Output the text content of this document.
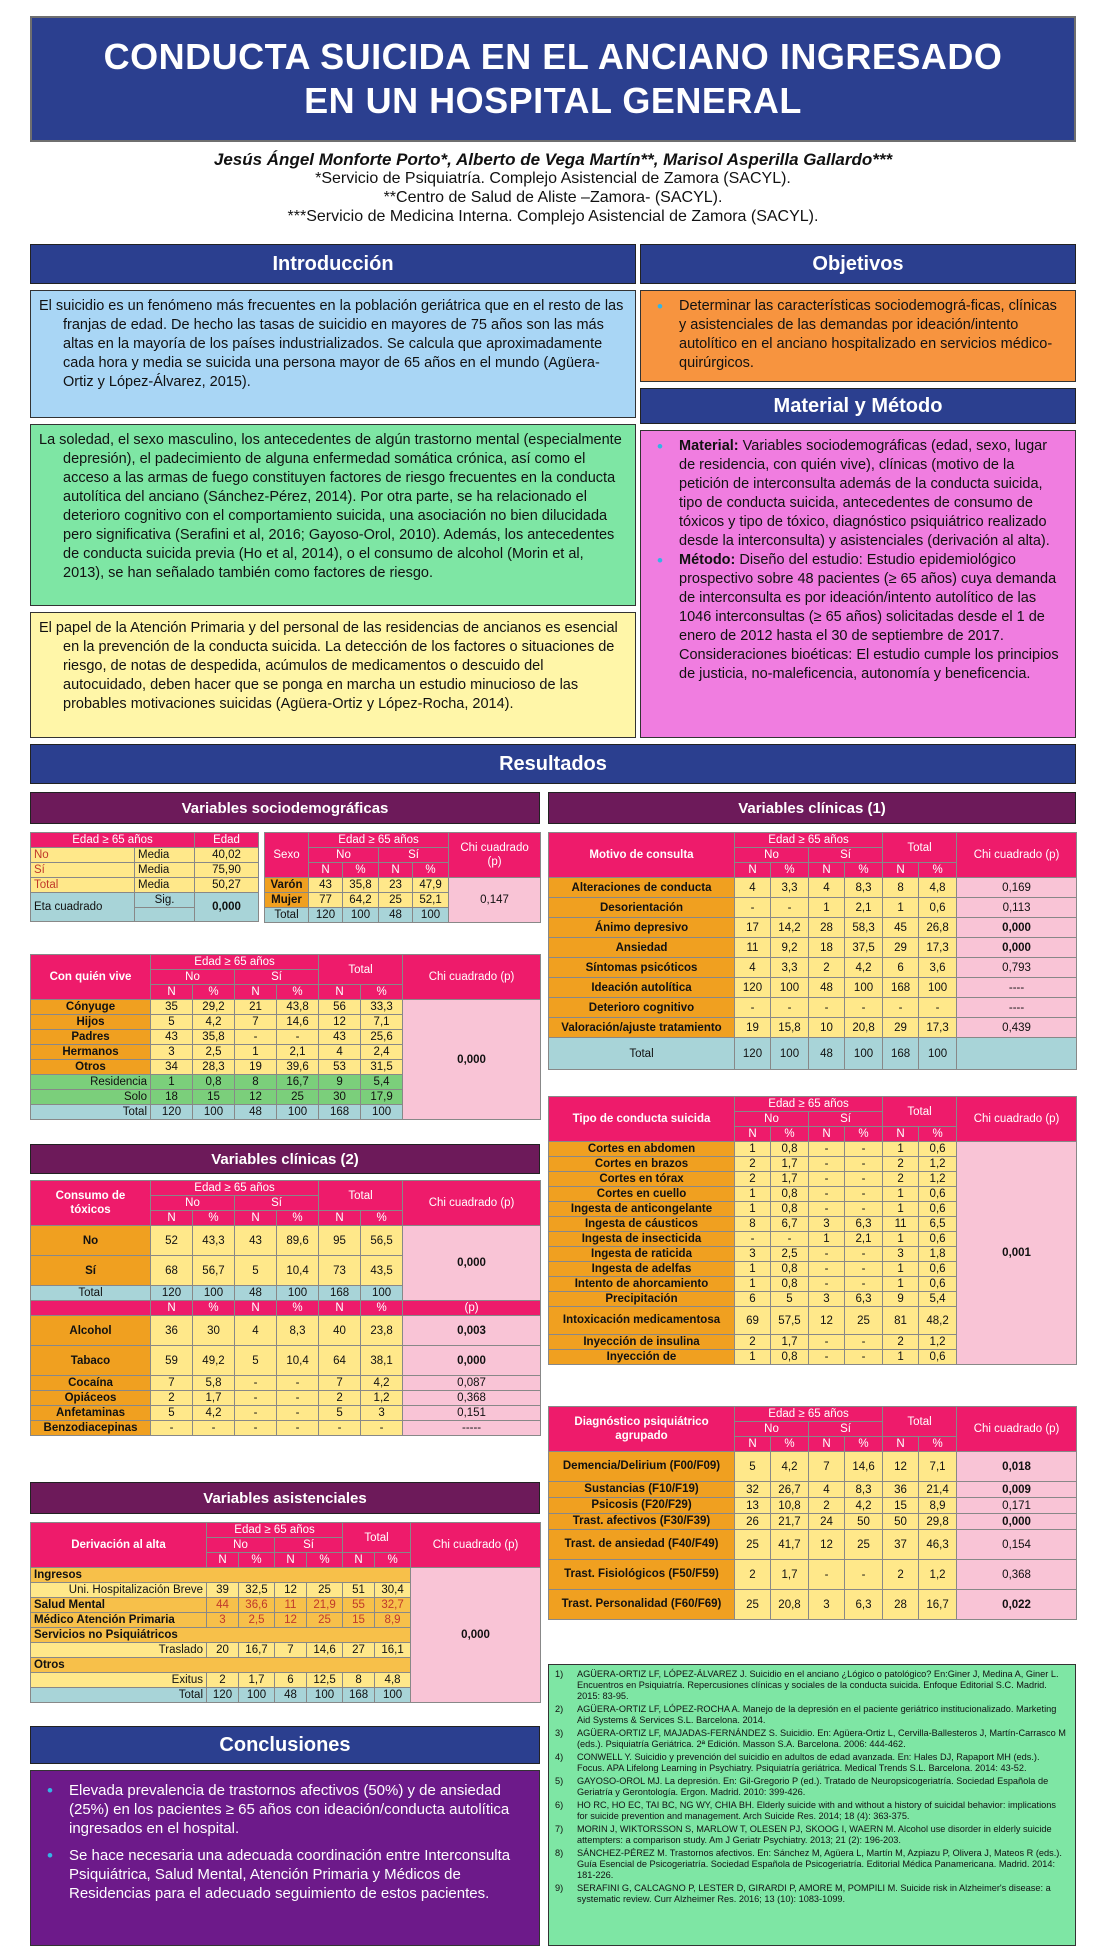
CONDUCTA SUICIDA EN EL ANCIANO INGRESADO
EN UN HOSPITAL GENERAL
Jesús Ángel Monforte Porto*, Alberto de Vega Martín**, Marisol Asperilla Gallardo***
*Servicio de Psiquiatría. Complejo Asistencial de Zamora (SACYL).
**Centro de Salud de Aliste –Zamora- (SACYL).
***Servicio de Medicina Interna. Complejo Asistencial de Zamora (SACYL).
Introducción

El suicidio es un fenómeno más frecuentes en la población geriátrica que en el resto de las franjas de edad. De hecho las tasas de suicidio en mayores de 75 años son las más altas en la mayoría de los países industrializados. Se calcula que aproximadamente cada hora y media se suicida una persona mayor de 65 años en el mundo (Agüera-Ortiz y López-Álvarez, 2015).

La soledad, el sexo masculino, los antecedentes de algún trastorno mental (especialmente depresión), el padecimiento de alguna enfermedad somática crónica, así como el acceso a las armas de fuego constituyen factores de riesgo frecuentes en la conducta autolítica del anciano (Sánchez-Pérez, 2014). Por otra parte, se ha relacionado el deterioro cognitivo con el comportamiento suicida, una asociación no bien dilucidada pero significativa (Serafini et al, 2016; Gayoso-Orol, 2010). Además, los antecedentes de conducta suicida previa (Ho et al, 2014), o el consumo de alcohol (Morin et al, 2013), se han señalado también como factores de riesgo.

El papel de la Atención Primaria y del personal de las residencias de ancianos es esencial en la prevención de la conducta suicida. La detección de los factores o situaciones de riesgo, de notas de despedida, acúmulos de medicamentos o descuido del autocuidado, deben hacer que se ponga en marcha un estudio minucioso de las probables motivaciones suicidas (Agüera-Ortiz y López-Rocha, 2014).

Objetivos
• Determinar las características sociodemográ-ficas, clínicas y asistenciales de las demandas por ideación/intento autolítico en el anciano hospitalizado en servicios médico-quirúrgicos.
Material y Método
• Material: Variables sociodemográficas (edad, sexo, lugar de residencia, con quién vive), clínicas (motivo de la petición de interconsulta además de la conducta suicida, tipo de conducta suicida, antecedentes de consumo de tóxicos y tipo de tóxico, diagnóstico psiquiátrico realizado desde la interconsulta) y asistenciales (derivación al alta).
• Método: Diseño del estudio: Estudio epidemiológico prospectivo sobre 48 pacientes (≥ 65 años) cuya demanda de interconsulta es por ideación/intento autolítico de las 1046 interconsultas (≥ 65 años) solicitadas desde el 1 de enero de 2012 hasta el 30 de septiembre de 2017. Consideraciones bioéticas: El estudio cumple los principios de justicia, no-maleficencia, autonomía y beneficencia.
Resultados
Variables sociodemográficas	Variables clínicas (1)
Variables clínicas (2)
Variables asistenciales
Edad ≥ 65 años		Edad
No	Media	40,02
Sí	Media	75,90
Total	Media	50,27
Eta cuadrado	Sig.	0,000

Sexo	Edad ≥ 65 años				Chi cuadrado (p)
	No		Sí		
	N	%	N	%	
Varón	43	35,8	23	47,9	0,147
Mujer	77	64,2	25	52,1	
Total	120	100	48	100	
Con quién vive	Edad ≥ 65 años				Total		Chi cuadrado (p)
	No		Sí				
	N	%	N	%	N	%	
Cónyuge	35	29,2	21	43,8	56	33,3	0,000
Hijos	5	4,2	7	14,6	12	7,1	
Padres	43	35,8	-	-	43	25,6	
Hermanos	3	2,5	1	2,1	4	2,4	
Otros	34	28,3	19	39,6	53	31,5	
Residencia	1	0,8	8	16,7	9	5,4	
Solo	18	15	12	25	30	17,9	
Total	120	100	48	100	168	100	
Consumo de tóxicos	Edad ≥ 65 años				Total		Chi cuadrado (p)
	No		Sí				
	N	%	N	%	N	%	
No	52	43,3	43	89,6	95	56,5	0,000
Sí	68	56,7	5	10,4	73	43,5	
Total	120	100	48	100	168	100	
	N	%	N	%	N	%	(p)
Alcohol	36	30	4	8,3	40	23,8	0,003
Tabaco	59	49,2	5	10,4	64	38,1	0,000
Cocaína	7	5,8	-	-	7	4,2	0,087
Opiáceos	2	1,7	-	-	2	1,2	0,368
Anfetaminas	5	4,2	-	-	5	3	0,151
Benzodiacepinas	-	-	-	-	-	-	-----
Derivación al alta	Edad ≥ 65 años				Total		Chi cuadrado (p)
	No		Sí				
	N	%	N	%	N	%	
Ingresos							0,000
Uni. Hospitalización Breve	39	32,5	12	25	51	30,4	
Salud Mental	44	36,6	11	21,9	55	32,7	
Médico Atención Primaria	3	2,5	12	25	15	8,9	
Servicios no Psiquiátricos							
Traslado	20	16,7	7	14,6	27	16,1	
Otros							
Exitus	2	1,7	6	12,5	8	4,8	
Total	120	100	48	100	168	100	
Motivo de consulta	Edad ≥ 65 años				Total		Chi cuadrado (p)
	No		Sí				
	N	%	N	%	N	%	
Alteraciones de conducta	4	3,3	4	8,3	8	4,8	0,169
Desorientación	-	-	1	2,1	1	0,6	0,113
Ánimo depresivo	17	14,2	28	58,3	45	26,8	0,000
Ansiedad	11	9,2	18	37,5	29	17,3	0,000
Síntomas psicóticos	4	3,3	2	4,2	6	3,6	0,793
Ideación autolítica	120	100	48	100	168	100	----
Deterioro cognitivo	-	-	-	-	-	-	----
Valoración/ajuste tratamiento	19	15,8	10	20,8	29	17,3	0,439
Total	120	100	48	100	168	100	
Tipo de conducta suicida	Edad ≥ 65 años				Total		Chi cuadrado (p)
	No		Sí				
	N	%	N	%	N	%	
Cortes en abdomen	1	0,8	-	-	1	0,6	0,001
Cortes en brazos	2	1,7	-	-	2	1,2	
Cortes en tórax	2	1,7	-	-	2	1,2	
Cortes en cuello	1	0,8	-	-	1	0,6	
Ingesta de anticongelante	1	0,8	-	-	1	0,6	
Ingesta de cáusticos	8	6,7	3	6,3	11	6,5	
Ingesta de insecticida	-	-	1	2,1	1	0,6	
Ingesta de raticida	3	2,5	-	-	3	1,8	
Ingesta de adelfas	1	0,8	-	-	1	0,6	
Intento de ahorcamiento	1	0,8	-	-	1	0,6	
Precipitación	6	5	3	6,3	9	5,4	
Intoxicación medicamentosa	69	57,5	12	25	81	48,2	
Inyección de insulina	2	1,7	-	-	2	1,2	
Inyección de	1	0,8	-	-	1	0,6	
Diagnóstico psiquiátrico agrupado	Edad ≥ 65 años				Total		Chi cuadrado (p)
	No		Sí				
	N	%	N	%	N	%	
Demencia/Delirium (F00/F09)	5	4,2	7	14,6	12	7,1	0,018
Sustancias (F10/F19)	32	26,7	4	8,3	36	21,4	0,009
Psicosis (F20/F29)	13	10,8	2	4,2	15	8,9	0,171
Trast. afectivos (F30/F39)	26	21,7	24	50	50	29,8	0,000
Trast. de ansiedad (F40/F49)	25	41,7	12	25	37	46,3	0,154
Trast. Fisiológicos (F50/F59)	2	1,7	-	-	2	1,2	0,368
Trast. Personalidad (F60/F69)	25	20,8	3	6,3	28	16,7	0,022
Conclusiones
• Elevada prevalencia de trastornos afectivos (50%) y de ansiedad (25%) en los pacientes ≥ 65 años con ideación/conducta autolítica ingresados en el hospital.
• Se hace necesaria una adecuada coordinación entre Interconsulta Psiquiátrica, Salud Mental, Atención Primaria y Médicos de Residencias para el adecuado seguimiento de estos pacientes.
1)	AGÜERA-ORTIZ LF, LÓPEZ-ÁLVAREZ J. Suicidio en el anciano ¿Lógico o patológico? En:Giner J, Medina A, Giner L. Encuentros en Psiquiatría. Repercusiones clínicas y sociales de la conducta suicida. Enfoque Editorial S.C. Madrid. 2015: 83-95.
2)	AGÜERA-ORTIZ LF, LÓPEZ-ROCHA A. Manejo de la depresión en el paciente geriátrico institucionalizado. Marketing Aid Systems & Services S.L. Barcelona. 2014.
3)	AGÜERA-ORTIZ LF, MAJADAS-FERNÁNDEZ S. Suicidio. En: Agüera-Ortiz L, Cervilla-Ballesteros J, Martín-Carrasco M (eds.). Psiquiatría Geriátrica. 2ª Edición. Masson S.A. Barcelona. 2006: 444-462.
4)	CONWELL Y. Suicidio y prevención del suicidio en adultos de edad avanzada. En: Hales DJ, Rapaport MH (eds.). Focus. APA Lifelong Learning in Psychiatry. Psiquiatría geriátrica. Medical Trends S.L. Barcelona. 2014: 43-52.
5)	GAYOSO-OROL MJ. La depresión. En: Gil-Gregorio P (ed.). Tratado de Neuropsicogeriatría. Sociedad Española de Geriatría y Gerontología. Ergon. Madrid. 2010: 399-426.
6)	HO RC, HO EC, TAI BC, NG WY, CHIA BH. Elderly suicide with and without a history of suicidal behavior: implications for suicide prevention and management. Arch Suicide Res. 2014; 18 (4): 363-375.
7)	MORIN J, WIKTORSSON S, MARLOW T, OLESEN PJ, SKOOG I, WAERN M. Alcohol use disorder in elderly suicide attempters: a comparison study. Am J Geriatr Psychiatry. 2013; 21 (2): 196-203.
8)	SÁNCHEZ-PÉREZ M. Trastornos afectivos. En: Sánchez M, Agüera L, Martín M, Azpiazu P, Olivera J, Mateos R (eds.). Guía Esencial de Psicogeriatría. Sociedad Española de Psicogeriatría. Editorial Médica Panamericana. Madrid. 2014: 181-226.
9)	SERAFINI G, CALCAGNO P, LESTER D, GIRARDI P, AMORE M, POMPILI M. Suicide risk in Alzheimer's disease: a systematic review. Curr Alzheimer Res. 2016; 13 (10): 1083-1099.
